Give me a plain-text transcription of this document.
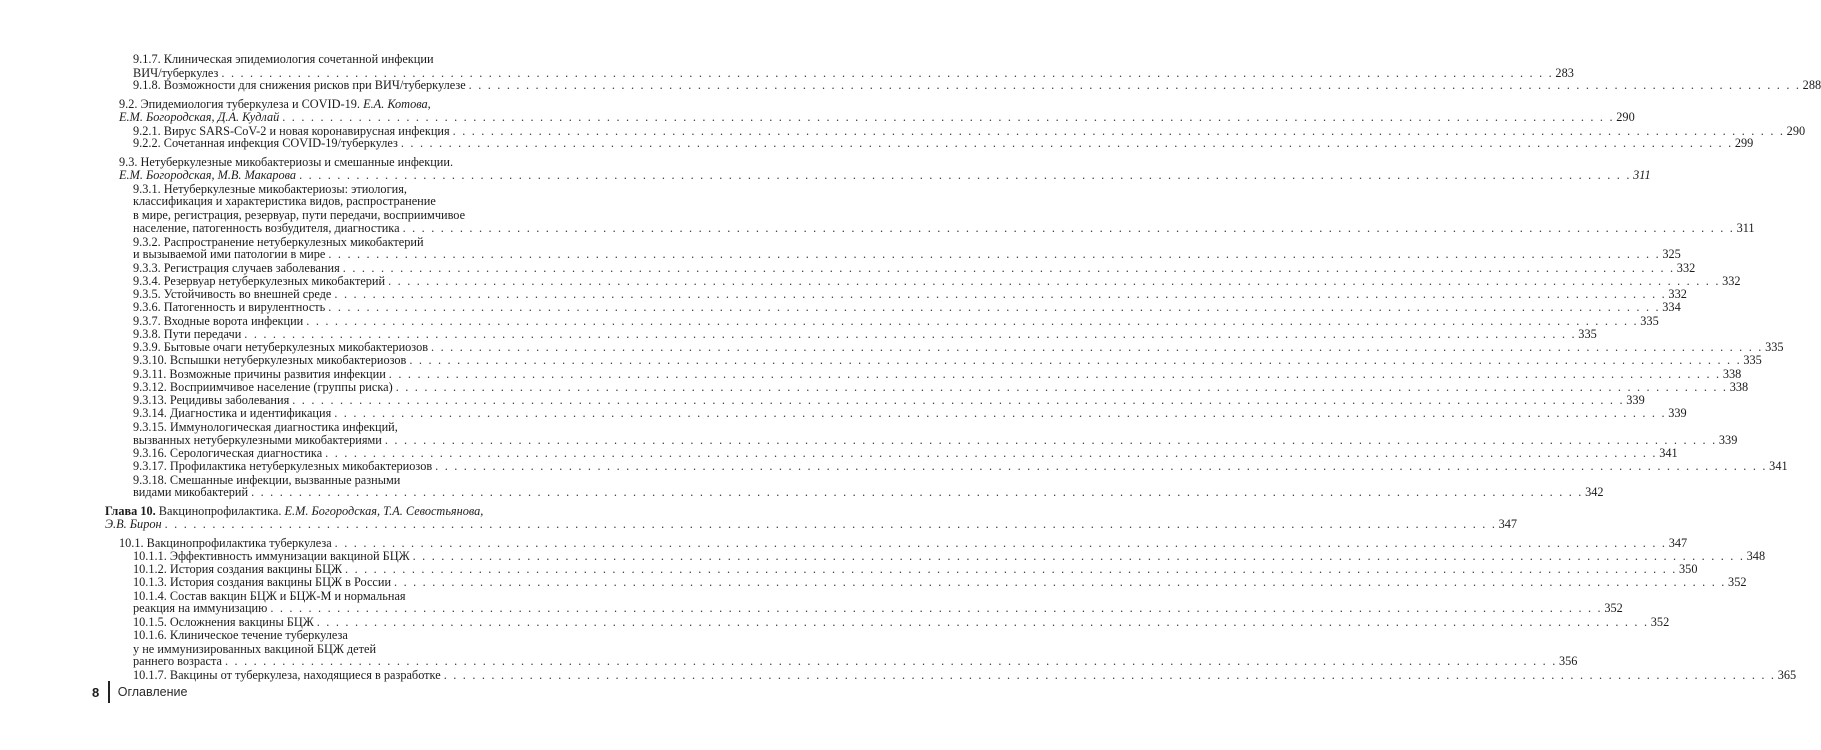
9.1.7. Клиническая эпидемиология сочетанной инфекции
ВИЧ/туберкулез . . .	283
9.1.8. Возможности для снижения рисков при ВИЧ/туберкулезе . . .	288
9.2. Эпидемиология туберкулеза и COVID-19. Е.А. Котова,
Е.М. Богородская, Д.А. Кудлай . . .	290
9.2.1. Вирус SARS-CoV-2 и новая коронавирусная инфекция . . .	290
9.2.2. Сочетанная инфекция COVID-19/туберкулез . . .	299
9.3. Нетуберкулезные микобактериозы и смешанные инфекции.
Е.М. Богородская, М.В. Макарова . . .	311
9.3.1. Нетуберкулезные микобактериозы: этиология,
классификация и характеристика видов, распространение
в мире, регистрация, резервуар, пути передачи, восприимчивое
население, патогенность возбудителя, диагностика . . .	311
9.3.2. Распространение нетуберкулезных микобактерий
и вызываемой ими патологии в мире . . .	325
9.3.3. Регистрация случаев заболевания . . .	332
9.3.4. Резервуар нетуберкулезных микобактерий . . .	332
9.3.5. Устойчивость во внешней среде . . .	332
9.3.6. Патогенность и вирулентность . . .	334
9.3.7. Входные ворота инфекции . . .	335
9.3.8. Пути передачи . . .	335
9.3.9. Бытовые очаги нетуберкулезных микобактериозов . . .	335
9.3.10. Вспышки нетуберкулезных микобактериозов . . .	335
9.3.11. Возможные причины развития инфекции . . .	338
9.3.12. Восприимчивое население (группы риска) . . .	338
9.3.13. Рецидивы заболевания . . .	339
9.3.14. Диагностика и идентификация . . .	339
9.3.15. Иммунологическая диагностика инфекций,
вызванных нетуберкулезными микобактериями . . .	339
9.3.16. Серологическая диагностика . . .	341
9.3.17. Профилактика нетуберкулезных микобактериозов . . .	341
9.3.18. Смешанные инфекции, вызванные разными
видами микобактерий . . .	342
Глава 10. Вакцинопрофилактика. Е.М. Богородская, Т.А. Севостьянова,
Э.В. Бирон . . .	347
10.1. Вакцинопрофилактика туберкулеза . . .	347
10.1.1. Эффективность иммунизации вакциной БЦЖ . . .	348
10.1.2. История создания вакцины БЦЖ . . .	350
10.1.3. История создания вакцины БЦЖ в России . . .	352
10.1.4. Состав вакцин БЦЖ и БЦЖ-М и нормальная
реакция на иммунизацию . . .	352
10.1.5. Осложнения вакцины БЦЖ . . .	352
10.1.6. Клиническое течение туберкулеза
у не иммунизированных вакциной БЦЖ детей
раннего возраста . . .	356
10.1.7. Вакцины от туберкулеза, находящиеся в разработке . . .	365
8 Оглавление
